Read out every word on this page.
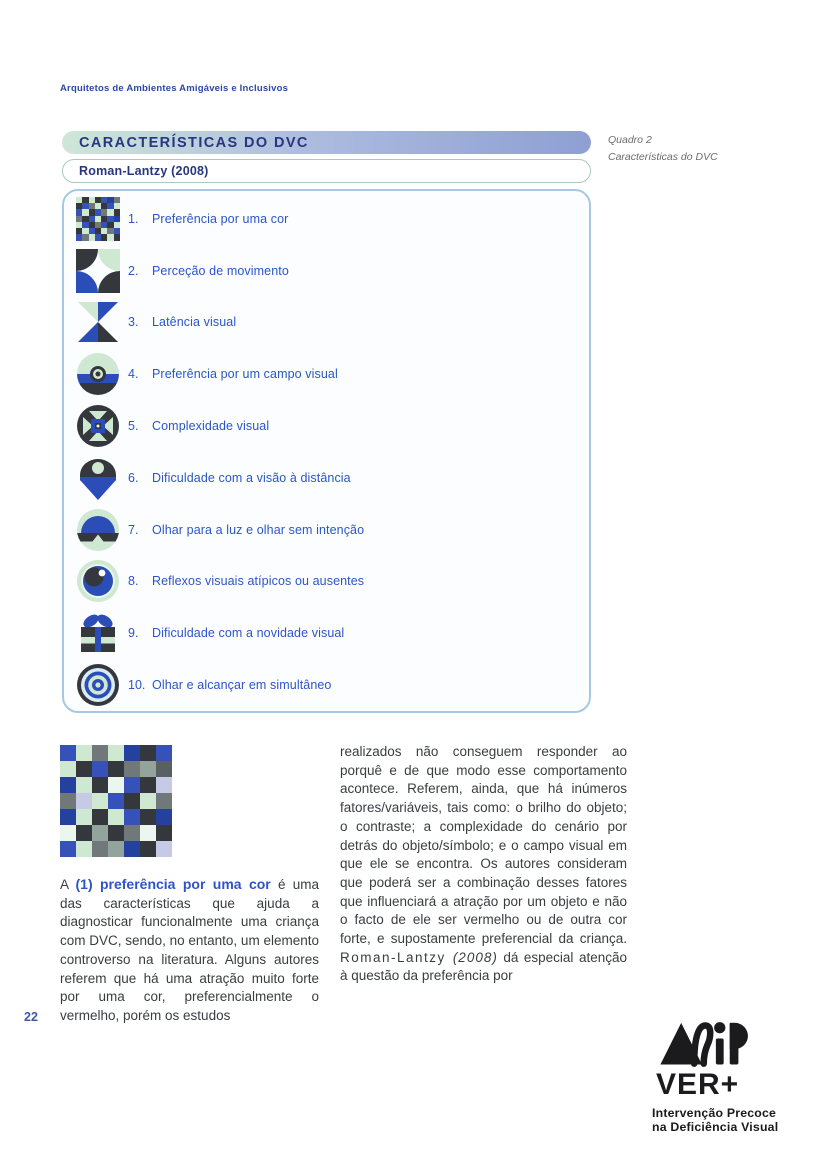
Arquitetos de Ambientes Amigáveis e Inclusivos
CARACTERÍSTICAS DO DVC	Quadro 2
Características do DVC
Roman-Lantzy (2008)
1.	Preferência por uma cor
2.	Perceção de movimento
3.	Latência visual
4.	Preferência por um campo visual
5.	Complexidade visual
6.	Dificuldade com a visão à distância
7.	Olhar para a luz e olhar sem intenção
8.	Reflexos visuais atípicos ou ausentes
9.	Dificuldade com a novidade visual
10. Olhar e alcançar em simultâneo

A (1) preferência por uma cor é uma das características que ajuda a diagnosticar funcionalmente uma criança com DVC, sendo, no entanto, um elemento controverso na literatura. Alguns autores referem que há uma atração muito forte por uma cor, preferencialmente o vermelho, porém os estudos

realizados não conseguem responder ao porquê e de que modo esse comportamento acontece. Referem, ainda, que há inúmeros fatores/variáveis, tais como: o brilho do objeto; o contraste; a complexidade do cenário por detrás do objeto/símbolo; e o campo visual em que ele se encontra. Os autores consideram que poderá ser a combinação desses fatores que influenciará a atração por um objeto e não o facto de ele ser vermelho ou de outra cor forte, e supostamente preferencial da criança. Roman-Lantzy (2008) dá especial atenção à questão da preferência por

22
VER+
Intervenção Precoce
na Deficiência Visual
